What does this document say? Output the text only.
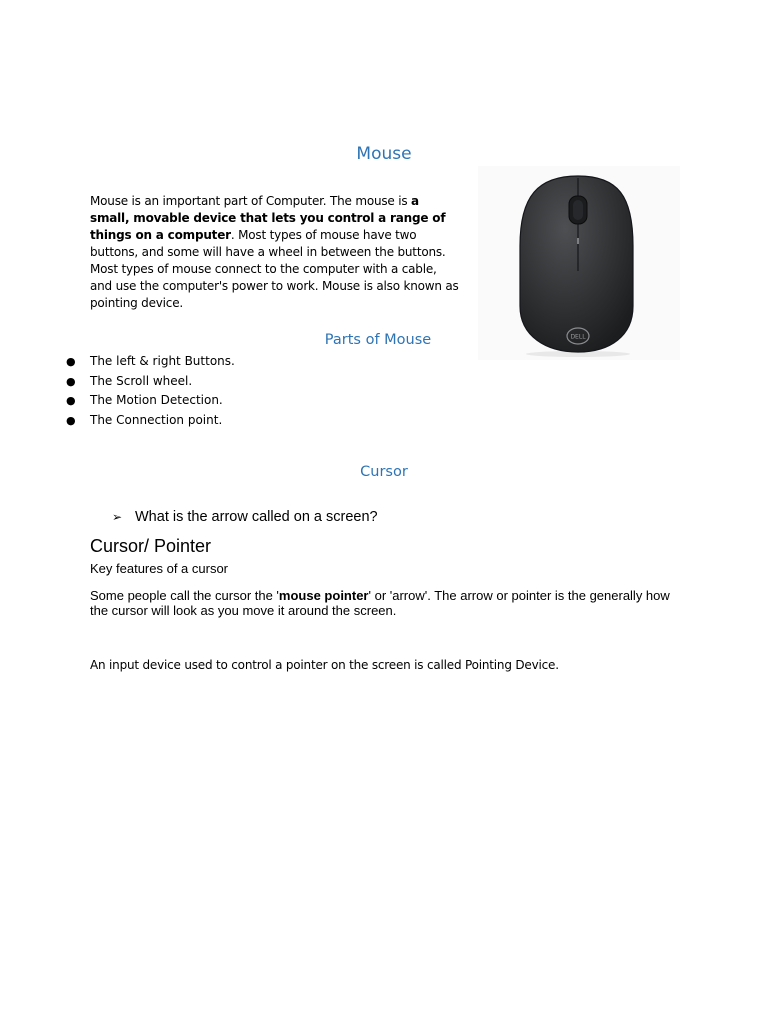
Mouse
Mouse is an important part of Computer. The mouse is a small, movable device that lets you control a range of things on a computer. Most types of mouse have two buttons, and some will have a wheel in between the buttons. Most types of mouse connect to the computer with a cable, and use the computer's power to work. Mouse is also known as pointing device.
DELL
Parts of Mouse
● The left & right Buttons.
● The Scroll wheel.
● The Motion Detection.
● The Connection point.
Cursor
➢ What is the arrow called on a screen?
Cursor/ Pointer
Key features of a cursor
Some people call the cursor the 'mouse pointer' or 'arrow'. The arrow or pointer is the generally how the cursor will look as you move it around the screen.
An input device used to control a pointer on the screen is called Pointing Device.
